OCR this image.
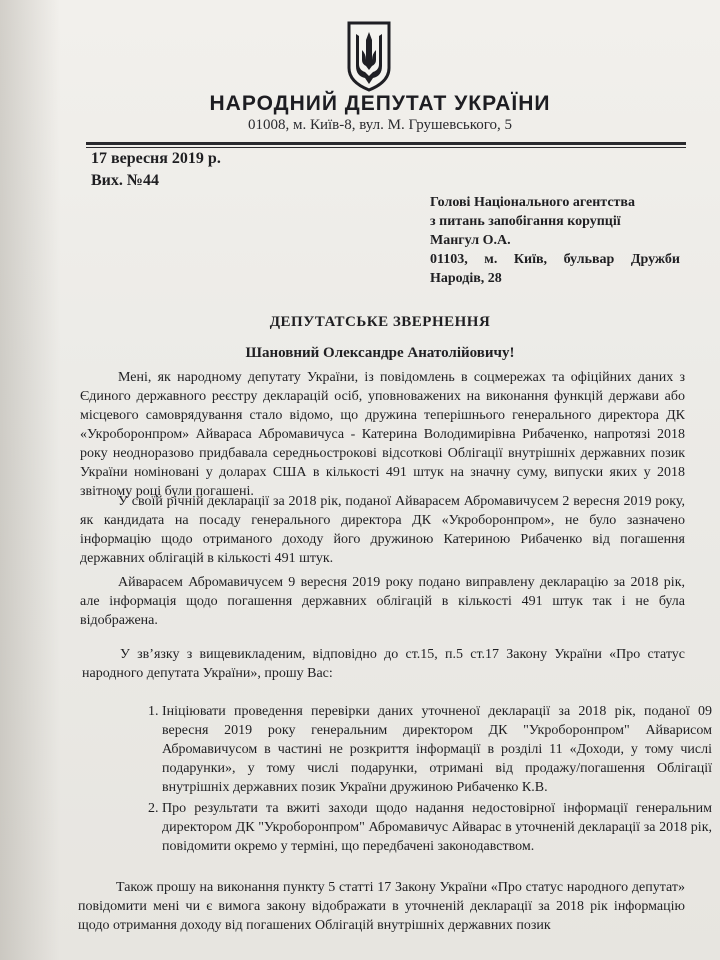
НАРОДНИЙ ДЕПУТАТ УКРАЇНИ
01008, м. Київ-8, вул. М. Грушевського, 5
17 вересня 2019 р.
Вих. №44
Голові Національного агентства
з питань запобігання корупції
Мангул О.А.
01103, м. Київ, бульвар Дружби
Народів, 28
ДЕПУТАТСЬКЕ ЗВЕРНЕННЯ
Шановний Олександре Анатолійовичу!
Мені, як народному депутату України, із повідомлень в соцмережах та офіційних даних з Єдиного державного реєстру декларацій осіб, уповноважених на виконання функцій держави або місцевого самоврядування стало відомо, що дружина теперішнього генерального директора ДК «Укроборонпром» Айвараса Абромавичуса - Катерина Володимирівна Рибаченко, напротязі 2018 року неодноразово придбавала середньострокові відсоткові Облігації внутрішніх державних позик України номіновані у доларах США в кількості 491 штук на значну суму, випуски яких у 2018 звітному році були погашені.
У своїй річній декларації за 2018 рік, поданої Айварасем Абромавичусем 2 вересня 2019 року, як кандидата на посаду генерального директора ДК «Укроборонпром», не було зазначено інформацію щодо отриманого доходу його дружиною Катериною Рибаченко від погашення державних облігацій в кількості 491 штук.
Айварасем Абромавичусем 9 вересня 2019 року подано виправлену декларацію за 2018 рік, але інформація щодо погашення державних облігацій в кількості 491 штук так і не була відображена.
У зв’язку з вищевикладеним, відповідно до ст.15, п.5 ст.17 Закону України «Про статус народного депутата України», прошу Вас:
1. Ініціювати проведення перевірки даних уточненої декларації за 2018 рік, поданої 09 вересня 2019 року генеральним директором ДК "Укроборонпром" Айварисом Абромавичусом в частині не розкриття інформації в розділі 11 «Доходи, у тому числі подарунки», у тому числі подарунки, отримані від продажу/погашення Облігації внутрішніх державних позик України дружиною Рибаченко К.В.
2. Про результати та вжиті заходи щодо надання недостовірної інформації генеральним директором ДК "Укроборонпром" Абромавичус Айварас в уточненій декларації за 2018 рік, повідомити окремо у терміні, що передбачені законодавством.
Також прошу на виконання пункту 5 статті 17 Закону України «Про статус народного депутат» повідомити мені чи є вимога закону відображати в уточненій декларації за 2018 рік інформацію щодо отримання доходу від погашених Облігацій внутрішніх державних позик
